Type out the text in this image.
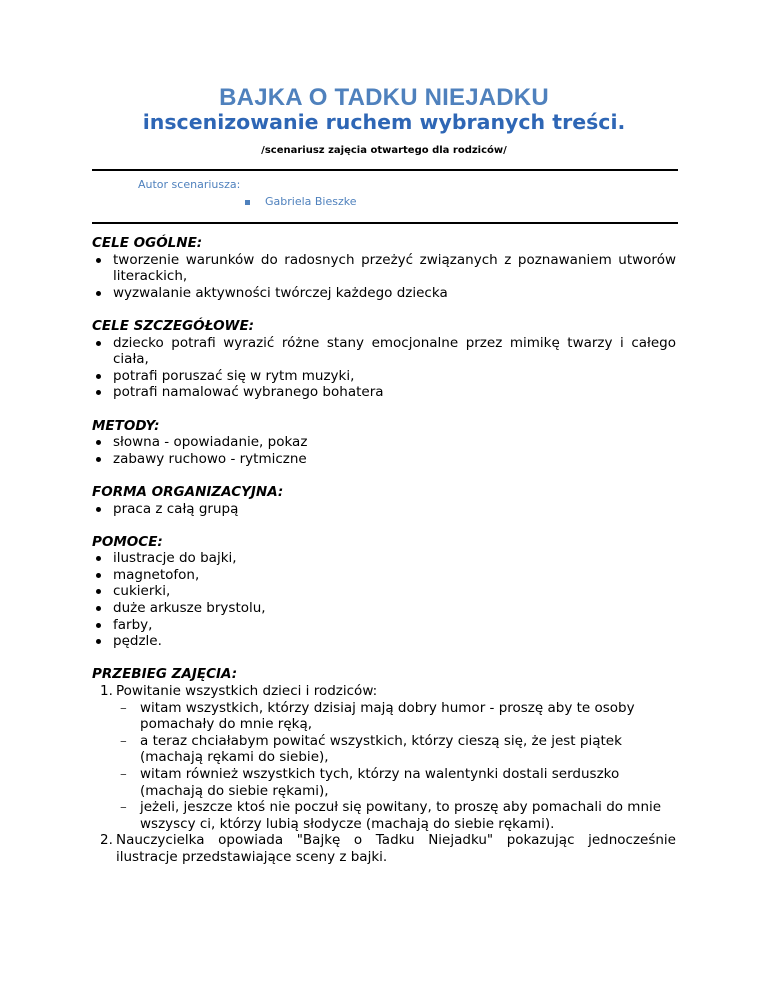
BAJKA O TADKU NIEJADKU
inscenizowanie ruchem wybranych treści.
/scenariusz zajęcia otwartego dla rodziców/
Autor scenariusza:
Gabriela Bieszke

CELE OGÓLNE:

tworzenie warunków do radosnych przeżyć związanych z poznawaniem utworów literackich,
wyzwalanie aktywności twórczej każdego dziecka

CELE SZCZEGÓŁOWE:

dziecko potrafi wyrazić różne stany emocjonalne przez mimikę twarzy i całego ciała,
potrafi poruszać się w rytm muzyki,
potrafi namalować wybranego bohatera

METODY:

słowna - opowiadanie, pokaz
zabawy ruchowo - rytmiczne

FORMA ORGANIZACYJNA:

praca z całą grupą

POMOCE:

ilustracje do bajki,
magnetofon,
cukierki,
duże arkusze brystolu,
farby,
pędzle.

PRZEBIEG ZAJĘCIA:

1. Powitanie wszystkich dzieci i rodziców:
– witam wszystkich, którzy dzisiaj mają dobry humor - proszę aby te osoby pomachały do mnie ręką,
– a teraz chciałabym powitać wszystkich, którzy cieszą się, że jest piątek (machają rękami do siebie),
– witam również wszystkich tych, którzy na walentynki dostali serduszko (machają do siebie rękami),
– jeżeli, jeszcze ktoś nie poczuł się powitany, to proszę aby pomachali do mnie wszyscy ci, którzy lubią słodycze (machają do siebie rękami).
2. Nauczycielka opowiada "Bajkę o Tadku Niejadku" pokazując jednocześnie ilustracje przedstawiające sceny z bajki.
